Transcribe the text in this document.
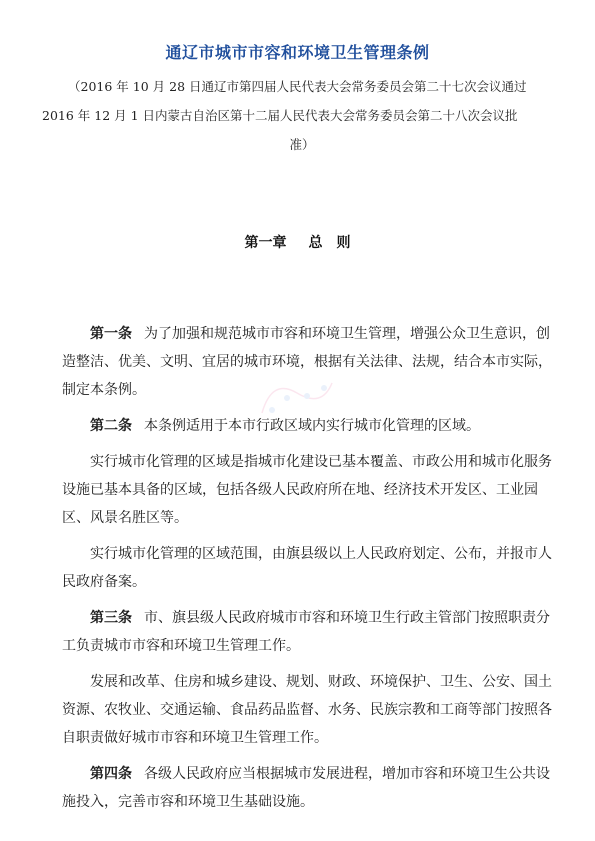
通辽市城市市容和环境卫生管理条例
（2016 年 10 月 28 日通辽市第四届人民代表大会常务委员会第二十七次会议通过
2016 年 12 月 1 日内蒙古自治区第十二届人民代表大会常务委员会第二十八次会议批
准）
第一章 总　则

第一条 为了加强和规范城市市容和环境卫生管理，增强公众卫生意识，创造整洁、优美、文明、宜居的城市环境，根据有关法律、法规，结合本市实际，制定本条例。

第二条 本条例适用于本市行政区域内实行城市化管理的区域。

实行城市化管理的区域是指城市化建设已基本覆盖、市政公用和城市化服务设施已基本具备的区域，包括各级人民政府所在地、经济技术开发区、工业园区、风景名胜区等。

实行城市化管理的区域范围，由旗县级以上人民政府划定、公布，并报市人民政府备案。

第三条 市、旗县级人民政府城市市容和环境卫生行政主管部门按照职责分工负责城市市容和环境卫生管理工作。

发展和改革、住房和城乡建设、规划、财政、环境保护、卫生、公安、国土资源、农牧业、交通运输、食品药品监督、水务、民族宗教和工商等部门按照各自职责做好城市市容和环境卫生管理工作。

第四条 各级人民政府应当根据城市发展进程，增加市容和环境卫生公共设施投入，完善市容和环境卫生基础设施。
